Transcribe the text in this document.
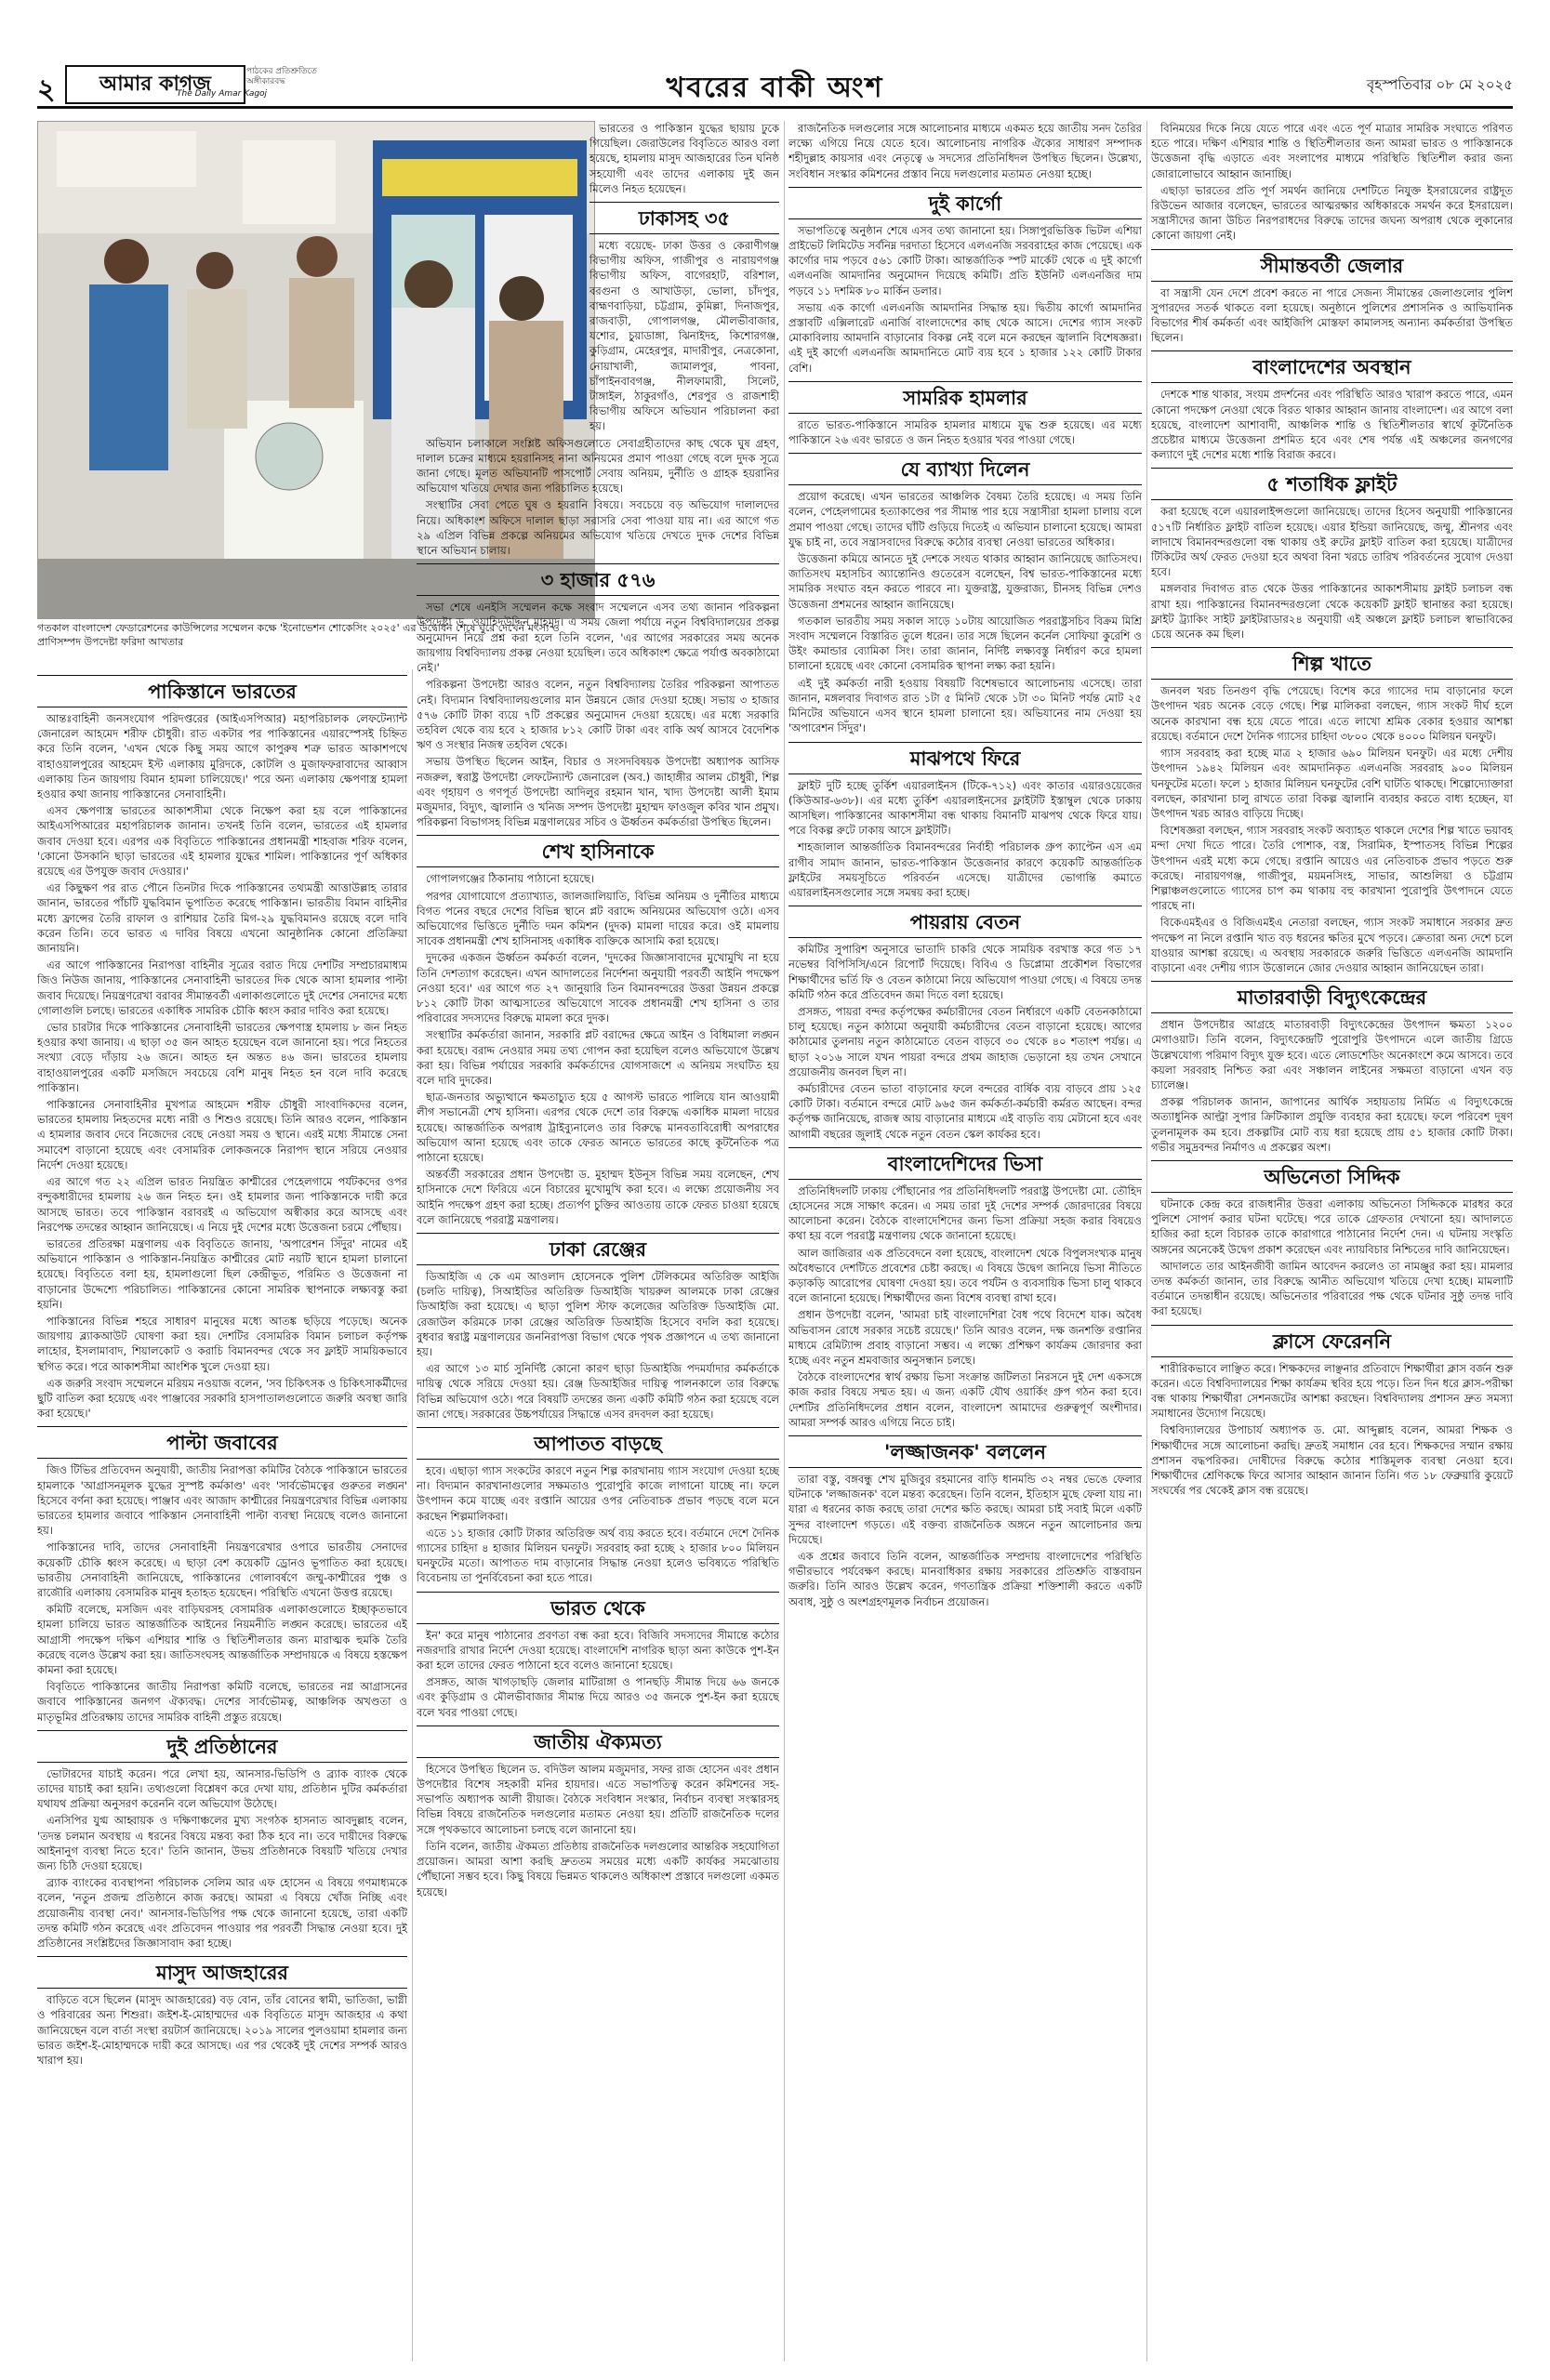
২ আমার কাগজ	পাঠকের প্রতিশ্রুতিতে অঙ্গীকারবদ্ধ
The Daily Amar Kagoj	খবরের বাকী অংশ	বৃহস্পতিবার ০৮ মে ২০২৫
গতকাল বাংলাদেশ ফেডারেশনের কাউন্সিলের সম্মেলন কক্ষে 'ইনোভেশন শোকেসিং ২০২৫' এর উদ্বোধন শেষে ঘুরে দেখেন মৎস্য ও প্রাণিসম্পদ উপদেষ্টা ফরিদা আখতার
পাকিস্তানে ভারতের

আন্তঃবাহিনী জনসংযোগ পরিদপ্তরের (আইএসপিআর) মহাপরিচালক লেফটেন্যান্ট জেনারেল আহমেদ শরীফ চৌধুরী। রাত একটার পর পাকিস্তানের এয়ারস্পেসই চিহ্নিত করে তিনি বলেন, 'এখন থেকে কিছু সময় আগে কাপুরুষ শত্রু ভারত আকাশপথে বাহাওয়ালপুরের আহমেদ ইস্ট এলাকায় মুরিদকে, কোটলি ও মুজাফফরাবাদের আব্বাস এলাকায় তিন জায়গায় বিমান হামলা চালিয়েছে।' পরে অন্য এলাকায় ক্ষেপণাস্ত্র হামলা হওয়ার কথা জানায় পাকিস্তানের সেনাবাহিনী।

এসব ক্ষেপণাস্ত্র ভারতের আকাশসীমা থেকে নিক্ষেপ করা হয় বলে পাকিস্তানের আইএসপিআরের মহাপরিচালক জানান। তখনই তিনি বলেন, ভারতের এই হামলার জবাব দেওয়া হবে। এরপর এক বিবৃতিতে পাকিস্তানের প্রধানমন্ত্রী শাহবাজ শরিফ বলেন, 'কোনো উসকানি ছাড়া ভারতের এই হামলার যুদ্ধের শামিল। পাকিস্তানের পূর্ণ অধিকার রয়েছে এর উপযুক্ত জবাব দেওয়ার।'

এর কিছুক্ষণ পর রাত পৌনে তিনটার দিকে পাকিস্তানের তথ্যমন্ত্রী আত্তাউল্লাহ তারার জানান, ভারতের পাঁচটি যুদ্ধবিমান ভূপাতিত করেছে পাকিস্তান। ভারতীয় বিমান বাহিনীর মধ্যে ফ্রান্সের তৈরি রাফাল ও রাশিয়ার তৈরি মিগ-২৯ যুদ্ধবিমানও রয়েছে বলে দাবি করেন তিনি। তবে ভারত এ দাবির বিষয়ে এখনো আনুষ্ঠানিক কোনো প্রতিক্রিয়া জানায়নি।

এর আগে পাকিস্তানের নিরাপত্তা বাহিনীর সূত্রের বরাত দিয়ে দেশটির সম্প্রচারমাধ্যম জিও নিউজ জানায়, পাকিস্তানের সেনাবাহিনী ভারতের দিক থেকে আসা হামলার পাল্টা জবাব দিয়েছে। নিয়ন্ত্রণরেখা বরাবর সীমান্তবর্তী এলাকাগুলোতে দুই দেশের সেনাদের মধ্যে গোলাগুলি চলছে। ভারতের একাধিক সামরিক চৌকি ধ্বংস করার দাবিও করা হয়েছে।

ভোর চারটার দিকে পাকিস্তানের সেনাবাহিনী ভারতের ক্ষেপণাস্ত্র হামলায় ৮ জন নিহত হওয়ার কথা জানায়। এ ছাড়া ৩৫ জন আহত হয়েছেন বলে জানানো হয়। পরে নিহতের সংখ্যা বেড়ে দাঁড়ায় ২৬ জনে। আহত হন অন্তত ৪৬ জন। ভারতের হামলায় বাহাওয়ালপুরের একটি মসজিদে সবচেয়ে বেশি মানুষ নিহত হন বলে দাবি করেছে পাকিস্তান।

পাকিস্তানের সেনাবাহিনীর মুখপাত্র আহমেদ শরীফ চৌধুরী সাংবাদিকদের বলেন, ভারতের হামলায় নিহতদের মধ্যে নারী ও শিশুও রয়েছে। তিনি আরও বলেন, পাকিস্তান এ হামলার জবাব দেবে নিজেদের বেছে নেওয়া সময় ও স্থানে। এরই মধ্যে সীমান্তে সেনা সমাবেশ বাড়ানো হয়েছে এবং বেসামরিক লোকজনকে নিরাপদ স্থানে সরিয়ে নেওয়ার নির্দেশ দেওয়া হয়েছে।

এর আগে গত ২২ এপ্রিল ভারত নিয়ন্ত্রিত কাশ্মীরের পেহেলগামে পর্যটকদের ওপর বন্দুকধারীদের হামলায় ২৬ জন নিহত হন। ওই হামলার জন্য পাকিস্তানকে দায়ী করে আসছে ভারত। তবে পাকিস্তান বরাবরই এ অভিযোগ অস্বীকার করে আসছে এবং নিরপেক্ষ তদন্তের আহ্বান জানিয়েছে। এ নিয়ে দুই দেশের মধ্যে উত্তেজনা চরমে পৌঁছায়।

ভারতের প্রতিরক্ষা মন্ত্রণালয় এক বিবৃতিতে জানায়, 'অপারেশন সিঁদুর' নামের এই অভিযানে পাকিস্তান ও পাকিস্তান-নিয়ন্ত্রিত কাশ্মীরের মোট নয়টি স্থানে হামলা চালানো হয়েছে। বিবৃতিতে বলা হয়, হামলাগুলো ছিল কেন্দ্রীভূত, পরিমিত ও উত্তেজনা না বাড়ানোর উদ্দেশ্যে পরিচালিত। পাকিস্তানের কোনো সামরিক স্থাপনাকে লক্ষ্যবস্তু করা হয়নি।

পাকিস্তানের বিভিন্ন শহরে সাধারণ মানুষের মধ্যে আতঙ্ক ছড়িয়ে পড়েছে। অনেক জায়গায় ব্ল্যাকআউট ঘোষণা করা হয়। দেশটির বেসামরিক বিমান চলাচল কর্তৃপক্ষ লাহোর, ইসলামাবাদ, শিয়ালকোট ও করাচি বিমানবন্দর থেকে সব ফ্লাইট সাময়িকভাবে স্থগিত করে। পরে আকাশসীমা আংশিক খুলে দেওয়া হয়।

এক জরুরি সংবাদ সম্মেলনে মরিয়ম নওয়াজ বলেন, 'সব চিকিৎসক ও চিকিৎসাকর্মীদের ছুটি বাতিল করা হয়েছে এবং পাঞ্জাবের সরকারি হাসপাতালগুলোতে জরুরি অবস্থা জারি করা হয়েছে।'

পাল্টা জবাবের

জিও টিভির প্রতিবেদন অনুযায়ী, জাতীয় নিরাপত্তা কমিটির বৈঠকে পাকিস্তানে ভারতের হামলাকে 'আগ্রাসনমূলক যুদ্ধের সুস্পষ্ট কর্মকাণ্ড' এবং 'সার্বভৌমত্বের গুরুতর লঙ্ঘন' হিসেবে বর্ণনা করা হয়েছে। পাঞ্জাব এবং আজাদ কাশ্মীরের নিয়ন্ত্রণরেখার বিভিন্ন এলাকায় ভারতের হামলার জবাবে পাকিস্তান সেনাবাহিনী পাল্টা ব্যবস্থা নিয়েছে বলেও জানানো হয়।

পাকিস্তানের দাবি, তাদের সেনাবাহিনী নিয়ন্ত্রণরেখার ওপারে ভারতীয় সেনাদের কয়েকটি চৌকি ধ্বংস করেছে। এ ছাড়া বেশ কয়েকটি ড্রোনও ভূপাতিত করা হয়েছে। ভারতীয় সেনাবাহিনী জানিয়েছে, পাকিস্তানের গোলাবর্ষণে জম্মু-কাশ্মীরের পুঞ্চ ও রাজৌরি এলাকায় বেসামরিক মানুষ হতাহত হয়েছেন। পরিস্থিতি এখনো উত্তপ্ত রয়েছে।

কমিটি বলেছে, মসজিদ এবং বাড়িঘরসহ বেসামরিক এলাকাগুলোতে ইচ্ছাকৃতভাবে হামলা চালিয়ে ভারত আন্তর্জাতিক আইনের নিয়মনীতি লঙ্ঘন করেছে। ভারতের এই আগ্রাসী পদক্ষেপ দক্ষিণ এশিয়ার শান্তি ও স্থিতিশীলতার জন্য মারাত্মক হুমকি তৈরি করেছে বলেও উল্লেখ করা হয়। জাতিসংঘসহ আন্তর্জাতিক সম্প্রদায়কে এ বিষয়ে হস্তক্ষেপ কামনা করা হয়েছে।

বিবৃতিতে পাকিস্তানের জাতীয় নিরাপত্তা কমিটি বলেছে, ভারতের নগ্ন আগ্রাসনের জবাবে পাকিস্তানের জনগণ ঐক্যবদ্ধ। দেশের সার্বভৌমত্ব, আঞ্চলিক অখণ্ডতা ও মাতৃভূমির প্রতিরক্ষায় তাদের সামরিক বাহিনী প্রস্তুত রয়েছে।

দুই প্রতিষ্ঠানের

ভোটারদের যাচাই করেন। পরে লেখা হয়, আনসার-ভিডিপি ও ব্র্যাক ব্যাংক থেকে তাদের যাচাই করা হয়নি। তথ্যগুলো বিশ্লেষণ করে দেখা যায়, প্রতিষ্ঠান দুটির কর্মকর্তারা যথাযথ প্রক্রিয়া অনুসরণ করেননি বলে অভিযোগ উঠেছে।

এনসিপির যুগ্ম আহ্বায়ক ও দক্ষিণাঞ্চলের মুখ্য সংগঠক হাসনাত আবদুল্লাহ বলেন, 'তদন্ত চলমান অবস্থায় এ ধরনের বিষয়ে মন্তব্য করা ঠিক হবে না। তবে দায়ীদের বিরুদ্ধে আইনানুগ ব্যবস্থা নিতে হবে।' তিনি জানান, উভয় প্রতিষ্ঠানকে বিষয়টি খতিয়ে দেখার জন্য চিঠি দেওয়া হয়েছে।

ব্র্যাক ব্যাংকের ব্যবস্থাপনা পরিচালক সেলিম আর এফ হোসেন এ বিষয়ে গণমাধ্যমকে বলেন, 'নতুন প্রজন্ম প্রতিষ্ঠানে কাজ করছে। আমরা এ বিষয়ে খোঁজ নিচ্ছি এবং প্রয়োজনীয় ব্যবস্থা নেব।' আনসার-ভিডিপির পক্ষ থেকে জানানো হয়েছে, তারা একটি তদন্ত কমিটি গঠন করেছে এবং প্রতিবেদন পাওয়ার পর পরবর্তী সিদ্ধান্ত নেওয়া হবে। দুই প্রতিষ্ঠানের সংশ্লিষ্টদের জিজ্ঞাসাবাদ করা হচ্ছে।

মাসুদ আজহারের

বাড়িতে বসে ছিলেন (মাসুদ আজহারের) বড় বোন, তাঁর বোনের স্বামী, ভাতিজা, ভাগ্নী ও পরিবারের অন্য শিশুরা। জইশ-ই-মোহাম্মদের এক বিবৃতিতে মাসুদ আজহার এ কথা জানিয়েছেন বলে বার্তা সংস্থা রয়টার্স জানিয়েছে। ২০১৯ সালের পুলওয়ামা হামলার জন্য ভারত জইশ-ই-মোহাম্মদকে দায়ী করে আসছে। এর পর থেকেই দুই দেশের সম্পর্ক আরও খারাপ হয়।

ভারতের ও পাকিস্তান যুদ্ধের ছায়ায় ঢুকে গিয়েছিল। জেরাউলের বিবৃতিতে আরও বলা হয়েছে, হামলায় মাসুদ আজহারের তিন ঘনিষ্ঠ সহযোগী এবং তাদের এলাকায় দুই জন মিলেও নিহত হয়েছেন।

ঢাকাসহ ৩৫

মধ্যে বয়েছে- ঢাকা উত্তর ও কেরাণীগঞ্জ বিভাগীয় অফিস, গাজীপুর ও নারায়ণগঞ্জ বিভাগীয় অফিস, বাগেরহাট, বরিশাল, বরগুনা ও আখাউড়া, ভোলা, চাঁদপুর, বাহ্মণবাড়িয়া, চট্টগ্রাম, কুমিল্লা, দিনাজপুর, রাজবাড়ী, গোপালগঞ্জ, মৌলভীবাজার, যশোর, চুয়াডাঙ্গা, ঝিনাইদহ, কিশোরগঞ্জ, কুড়িগ্রাম, মেহেরপুর, মাদারীপুর, নেত্রকোনা, নোয়াখালী, জামালপুর, পাবনা, চাঁপাইনবাবগঞ্জ, নীলফামারী, সিলেট, টাঙ্গাইল, ঠাকুরগাঁও, শেরপুর ও রাজশাহী বিভাগীয় অফিসে অভিযান পরিচালনা করা হয়।

অভিযান চলাকালে সংশ্লিষ্ট অফিসগুলোতে সেবাগ্রহীতাদের কাছ থেকে ঘুষ গ্রহণ, দালাল চক্রের মাধ্যমে হয়রানিসহ নানা অনিয়মের প্রমাণ পাওয়া গেছে বলে দুদক সূত্রে জানা গেছে। মূলত অভিযানটি পাসপোর্ট সেবায় অনিয়ম, দুর্নীতি ও গ্রাহক হয়রানির অভিযোগ খতিয়ে দেখার জন্য পরিচালিত হয়েছে।

সংস্থাটির সেবা পেতে ঘুষ ও হয়রানি বিষয়ে। সবচেয়ে বড় অভিযোগ দালালদের নিয়ে। অধিকাংশ অফিসে দালাল ছাড়া সরাসরি সেবা পাওয়া যায় না। এর আগে গত ২৯ এপ্রিল বিভিন্ন প্রকল্পে অনিয়মের অভিযোগ খতিয়ে দেখতে দুদক দেশের বিভিন্ন স্থানে অভিযান চালায়।

৩ হাজার ৫৭৬

সভা শেষে এনইসি সম্মেলন কক্ষে সংবাদ সম্মেলনে এসব তথ্য জানান পরিকল্পনা উপদেষ্টা ড. ওয়াহিদউদ্দিন মাহমুদ। এ সময় জেলা পর্যায়ে নতুন বিশ্ববিদ্যালয়ের প্রকল্প অনুমোদন নিয়ে প্রশ্ন করা হলে তিনি বলেন, 'এর আগের সরকারের সময় অনেক জায়গায় বিশ্ববিদ্যালয় প্রকল্প নেওয়া হয়েছিল। তবে অধিকাংশ ক্ষেত্রে পর্যাপ্ত অবকাঠামো নেই।'

পরিকল্পনা উপদেষ্টা আরও বলেন, নতুন বিশ্ববিদ্যালয় তৈরির পরিকল্পনা আপাতত নেই। বিদ্যমান বিশ্ববিদ্যালয়গুলোর মান উন্নয়নে জোর দেওয়া হচ্ছে। সভায় ৩ হাজার ৫৭৬ কোটি টাকা ব্যয়ে ৭টি প্রকল্পের অনুমোদন দেওয়া হয়েছে। এর মধ্যে সরকারি তহবিল থেকে ব্যয় হবে ২ হাজার ৮১২ কোটি টাকা এবং বাকি অর্থ আসবে বৈদেশিক ঋণ ও সংস্থার নিজস্ব তহবিল থেকে।

সভায় উপস্থিত ছিলেন আইন, বিচার ও সংসদবিষয়ক উপদেষ্টা অধ্যাপক আসিফ নজরুল, স্বরাষ্ট্র উপদেষ্টা লেফটেন্যান্ট জেনারেল (অব.) জাহাঙ্গীর আলম চৌধুরী, শিল্প এবং গৃহায়ণ ও গণপূর্ত উপদেষ্টা আদিলুর রহমান খান, খাদ্য উপদেষ্টা আলী ইমাম মজুমদার, বিদ্যুৎ, জ্বালানি ও খনিজ সম্পদ উপদেষ্টা মুহাম্মদ ফাওজুল কবির খান প্রমুখ। পরিকল্পনা বিভাগসহ বিভিন্ন মন্ত্রণালয়ের সচিব ও ঊর্ধ্বতন কর্মকর্তারা উপস্থিত ছিলেন।

শেখ হাসিনাকে

গোপালগঞ্জের ঠিকানায় পাঠানো হয়েছে।

পরপর যোগাযোগে প্রত্যাখ্যাত, জালজালিয়াতি, বিভিন্ন অনিয়ম ও দুর্নীতির মাধ্যমে বিগত পনের বছরে দেশের বিভিন্ন স্থানে প্লট বরাদ্দে অনিয়মের অভিযোগ ওঠে। এসব অভিযোগের ভিত্তিতে দুর্নীতি দমন কমিশন (দুদক) মামলা দায়ের করে। ওই মামলায় সাবেক প্রধানমন্ত্রী শেখ হাসিনাসহ একাধিক ব্যক্তিকে আসামি করা হয়েছে।

দুদকের একজন ঊর্ধ্বতন কর্মকর্তা বলেন, 'দুদকের জিজ্ঞাসাবাদের মুখোমুখি না হয়ে তিনি দেশত্যাগ করেছেন। এখন আদালতের নির্দেশনা অনুযায়ী পরবর্তী আইনি পদক্ষেপ নেওয়া হবে।' এর আগে গত ২৭ জানুয়ারি তিন বিমানবন্দরের উত্তরা উন্নয়ন প্রকল্পে ৮১২ কোটি টাকা আত্মসাতের অভিযোগে সাবেক প্রধানমন্ত্রী শেখ হাসিনা ও তার পরিবারের সদস্যদের বিরুদ্ধে মামলা করে দুদক।

সংস্থাটির কর্মকর্তারা জানান, সরকারি প্লট বরাদ্দের ক্ষেত্রে আইন ও বিধিমালা লঙ্ঘন করা হয়েছে। বরাদ্দ নেওয়ার সময় তথ্য গোপন করা হয়েছিল বলেও অভিযোগে উল্লেখ করা হয়। বিভিন্ন পর্যায়ের সরকারি কর্মকর্তাদের যোগসাজশে এ অনিয়ম সংঘটিত হয় বলে দাবি দুদকের।

ছাত্র-জনতার অভ্যুত্থানে ক্ষমতাচ্যুত হয়ে ৫ আগস্ট ভারতে পালিয়ে যান আওয়ামী লীগ সভানেত্রী শেখ হাসিনা। এরপর থেকে দেশে তার বিরুদ্ধে একাধিক মামলা দায়ের হয়েছে। আন্তর্জাতিক অপরাধ ট্রাইব্যুনালেও তার বিরুদ্ধে মানবতাবিরোধী অপরাধের অভিযোগ আনা হয়েছে এবং তাকে ফেরত আনতে ভারতের কাছে কূটনৈতিক পত্র পাঠানো হয়েছে।

অন্তর্বর্তী সরকারের প্রধান উপদেষ্টা ড. মুহাম্মদ ইউনূস বিভিন্ন সময় বলেছেন, শেখ হাসিনাকে দেশে ফিরিয়ে এনে বিচারের মুখোমুখি করা হবে। এ লক্ষ্যে প্রয়োজনীয় সব আইনি পদক্ষেপ গ্রহণ করা হচ্ছে। প্রত্যর্পণ চুক্তির আওতায় তাকে ফেরত চাওয়া হয়েছে বলে জানিয়েছে পররাষ্ট্র মন্ত্রণালয়।

ঢাকা রেঞ্জের

ডিআইজি এ কে এম আওলাদ হোসেনকে পুলিশ টেলিকমের অতিরিক্ত আইজি (চলতি দায়িত্ব), সিআইডির অতিরিক্ত ডিআইজি খায়রুল আলমকে ঢাকা রেঞ্জের ডিআইজি করা হয়েছে। এ ছাড়া পুলিশ স্টাফ কলেজের অতিরিক্ত ডিআইজি মো. রেজাউল করিমকে ঢাকা রেঞ্জের অতিরিক্ত ডিআইজি হিসেবে বদলি করা হয়েছে। বুধবার স্বরাষ্ট্র মন্ত্রণালয়ের জননিরাপত্তা বিভাগ থেকে পৃথক প্রজ্ঞাপনে এ তথ্য জানানো হয়।

এর আগে ১৩ মার্চ সুনির্দিষ্ট কোনো কারণ ছাড়া ডিআইজি পদমর্যাদার কর্মকর্তাকে দায়িত্ব থেকে সরিয়ে দেওয়া হয়। রেঞ্জ ডিআইজির দায়িত্ব পালনকালে তার বিরুদ্ধে বিভিন্ন অভিযোগ ওঠে। পরে বিষয়টি তদন্তের জন্য একটি কমিটি গঠন করা হয়েছে বলে জানা গেছে। সরকারের উচ্চপর্যায়ের সিদ্ধান্তে এসব রদবদল করা হয়েছে।

আপাতত বাড়ছে

হবে। এছাড়া গ্যাস সংকটের কারণে নতুন শিল্প কারখানায় গ্যাস সংযোগ দেওয়া হচ্ছে না। বিদ্যমান কারখানাগুলোর সক্ষমতাও পুরোপুরি কাজে লাগানো যাচ্ছে না। ফলে উৎপাদন কমে যাচ্ছে এবং রপ্তানি আয়ের ওপর নেতিবাচক প্রভাব পড়ছে বলে মনে করছেন শিল্পমালিকরা।

এতে ১১ হাজার কোটি টাকার অতিরিক্ত অর্থ ব্যয় করতে হবে। বর্তমানে দেশে দৈনিক গ্যাসের চাহিদা ৪ হাজার মিলিয়ন ঘনফুট। সরবরাহ করা হচ্ছে ২ হাজার ৮০০ মিলিয়ন ঘনফুটের মতো। আপাতত দাম বাড়ানোর সিদ্ধান্ত নেওয়া হলেও ভবিষ্যতে পরিস্থিতি বিবেচনায় তা পুনর্বিবেচনা করা হতে পারে।

ভারত থেকে

ইন' করে মানুষ পাঠানোর প্রবণতা বন্ধ করা হবে। বিজিবি সদস্যদের সীমান্তে কঠোর নজরদারি রাখার নির্দেশ দেওয়া হয়েছে। বাংলাদেশি নাগরিক ছাড়া অন্য কাউকে পুশ-ইন করা হলে তাদের ফেরত পাঠানো হবে বলেও জানানো হয়েছে।

প্রসঙ্গত, আজ খাগড়াছড়ি জেলার মাটিরাঙ্গা ও পানছড়ি সীমান্ত দিয়ে ৬৬ জনকে এবং কুড়িগ্রাম ও মৌলভীবাজার সীমান্ত দিয়ে আরও ৩৫ জনকে পুশ-ইন করা হয়েছে বলে খবর পাওয়া গেছে।

জাতীয় ঐক্যমত্য

হিসেবে উপস্থিত ছিলেন ড. বদিউল আলম মজুমদার, সফর রাজ হোসেন এবং প্রধান উপদেষ্টার বিশেষ সহকারী মনির হায়দার। এতে সভাপতিত্ব করেন কমিশনের সহ-সভাপতি অধ্যাপক আলী রীয়াজ। বৈঠকে সংবিধান সংস্কার, নির্বাচন ব্যবস্থা সংস্কারসহ বিভিন্ন বিষয়ে রাজনৈতিক দলগুলোর মতামত নেওয়া হয়। প্রতিটি রাজনৈতিক দলের সঙ্গে পৃথকভাবে আলোচনা চলছে বলে জানানো হয়।

তিনি বলেন, জাতীয় ঐকমত্য প্রতিষ্ঠায় রাজনৈতিক দলগুলোর আন্তরিক সহযোগিতা প্রয়োজন। আমরা আশা করছি দ্রুততম সময়ের মধ্যে একটি কার্যকর সমঝোতায় পৌঁছানো সম্ভব হবে। কিছু বিষয়ে ভিন্নমত থাকলেও অধিকাংশ প্রস্তাবে দলগুলো একমত হয়েছে।

রাজনৈতিক দলগুলোর সঙ্গে আলোচনার মাধ্যমে একমত হয়ে জাতীয় সনদ তৈরির লক্ষ্যে এগিয়ে নিয়ে যেতে হবে। আলোচনায় নাগরিক ঐক্যের সাধারণ সম্পাদক শহীদুল্লাহ কায়সার এবং নেতৃত্বে ৬ সদস্যের প্রতিনিধিদল উপস্থিত ছিলেন। উল্লেখ্য, সংবিধান সংস্কার কমিশনের প্রস্তাব নিয়ে দলগুলোর মতামত নেওয়া হচ্ছে।

দুই কার্গো

সভাপতিত্বে অনুষ্ঠান শেষে এসব তথ্য জানানো হয়। সিঙ্গাপুরভিত্তিক ভিটল এশিয়া প্রাইভেট লিমিটেড সর্বনিম্ন দরদাতা হিসেবে এলএনজি সরবরাহের কাজ পেয়েছে। এক কার্গোর দাম পড়বে ৫৬১ কোটি টাকা। আন্তর্জাতিক স্পট মার্কেট থেকে এ দুই কার্গো এলএনজি আমদানির অনুমোদন দিয়েছে কমিটি। প্রতি ইউনিট এলএনজির দাম পড়বে ১১ দশমিক ৮০ মার্কিন ডলার।

সভায় এক কার্গো এলএনজি আমদানির সিদ্ধান্ত হয়। দ্বিতীয় কার্গো আমদানির প্রস্তাবটি এক্সিলারেট এনার্জি বাংলাদেশের কাছ থেকে আসে। দেশের গ্যাস সংকট মোকাবিলায় আমদানি বাড়ানোর বিকল্প নেই বলে মনে করছেন জ্বালানি বিশেষজ্ঞরা। এই দুই কার্গো এলএনজি আমদানিতে মোট ব্যয় হবে ১ হাজার ১২২ কোটি টাকার বেশি।

সামরিক হামলার

রাতে ভারত-পাকিস্তানে সামরিক হামলার মাধ্যমে যুদ্ধ শুরু হয়েছে। এর মধ্যে পাকিস্তানে ২৬ এবং ভারতে ও জন নিহত হওয়ার খবর পাওয়া গেছে।

যে ব্যাখ্যা দিলেন

প্রয়োগ করেছে। এখন ভারতের আঞ্চলিক বৈষম্য তৈরি হয়েছে। এ সময় তিনি বলেন, পেহেলগামের হত্যাকাণ্ডের পর সীমান্ত পার হয়ে সন্ত্রাসীরা হামলা চালায় বলে প্রমাণ পাওয়া গেছে। তাদের ঘাঁটি গুড়িয়ে দিতেই এ অভিযান চালানো হয়েছে। আমরা যুদ্ধ চাই না, তবে সন্ত্রাসবাদের বিরুদ্ধে কঠোর ব্যবস্থা নেওয়া ভারতের অধিকার।

উত্তেজনা কমিয়ে আনতে দুই দেশকে সংযত থাকার আহ্বান জানিয়েছে জাতিসংঘ। জাতিসংঘ মহাসচিব অ্যান্তোনিও গুতেরেস বলেছেন, বিশ্ব ভারত-পাকিস্তানের মধ্যে সামরিক সংঘাত বহন করতে পারবে না। যুক্তরাষ্ট্র, যুক্তরাজ্য, চীনসহ বিভিন্ন দেশও উত্তেজনা প্রশমনের আহ্বান জানিয়েছে।

গতকাল ভারতীয় সময় সকাল সাড়ে ১০টায় আয়োজিত পররাষ্ট্রসচিব বিক্রম মিশ্রি সংবাদ সম্মেলনে বিস্তারিত তুলে ধরেন। তার সঙ্গে ছিলেন কর্নেল সোফিয়া কুরেশি ও উইং কমান্ডার ব্যোমিকা সিং। তারা জানান, নির্দিষ্ট লক্ষ্যবস্তু নির্ধারণ করে হামলা চালানো হয়েছে এবং কোনো বেসামরিক স্থাপনা লক্ষ্য করা হয়নি।

এই দুই কর্মকর্তা নারী হওয়ায় বিষয়টি বিশেষভাবে আলোচনায় এসেছে। তারা জানান, মঙ্গলবার দিবাগত রাত ১টা ৫ মিনিট থেকে ১টা ৩০ মিনিট পর্যন্ত মোট ২৫ মিনিটের অভিযানে এসব স্থানে হামলা চালানো হয়। অভিযানের নাম দেওয়া হয় 'অপারেশন সিঁদুর'।

মাঝপথে ফিরে

ফ্লাইট দুটি হচ্ছে তুর্কিশ এয়ারলাইনস (টিকে-৭১২) এবং কাতার এয়ারওয়েজের (কিউআর-৬৩৮)। এর মধ্যে তুর্কিশ এয়ারলাইনসের ফ্লাইটটি ইস্তাম্বুল থেকে ঢাকায় আসছিল। পাকিস্তানের আকাশসীমা বন্ধ থাকায় বিমানটি মাঝপথ থেকে ফিরে যায়। পরে বিকল্প রুটে ঢাকায় আসে ফ্লাইটটি।

শাহজালাল আন্তর্জাতিক বিমানবন্দরের নির্বাহী পরিচালক গ্রুপ ক্যাপ্টেন এস এম রাগীব সামাদ জানান, ভারত-পাকিস্তান উত্তেজনার কারণে কয়েকটি আন্তর্জাতিক ফ্লাইটের সময়সূচিতে পরিবর্তন এসেছে। যাত্রীদের ভোগান্তি কমাতে এয়ারলাইনসগুলোর সঙ্গে সমন্বয় করা হচ্ছে।

পায়রায় বেতন

কমিটির সুপারিশ অনুসারে ভাতাদি চাকরি থেকে সাময়িক বরখাস্ত করে গত ১৭ নভেম্বর বিপিসিসি/এনে রিপোর্ট দিয়েছে। বিবিএ ও ডিপ্লোমা প্রকৌশল বিভাগের শিক্ষার্থীদের ভর্তি ফি ও বেতন কাঠামো নিয়ে অভিযোগ পাওয়া গেছে। এ বিষয়ে তদন্ত কমিটি গঠন করে প্রতিবেদন জমা দিতে বলা হয়েছে।

প্রসঙ্গত, পায়রা বন্দর কর্তৃপক্ষের কর্মচারীদের বেতন নির্ধারণে একটি বেতনকাঠামো চালু হয়েছে। নতুন কাঠামো অনুযায়ী কর্মচারীদের বেতন বাড়ানো হয়েছে। আগের কাঠামোর তুলনায় নতুন কাঠামোতে বেতন বাড়বে ৩০ থেকে ৪০ শতাংশ পর্যন্ত। এ ছাড়া ২০১৬ সালে যখন পায়রা বন্দরে প্রথম জাহাজ ভেড়ানো হয় তখন সেখানে প্রয়োজনীয় জনবল ছিল না।

কর্মচারীদের বেতন ভাতা বাড়ানোর ফলে বন্দরের বার্ষিক ব্যয় বাড়বে প্রায় ১২৫ কোটি টাকা। বর্তমানে বন্দরে মোট ৯৬৫ জন কর্মকর্তা-কর্মচারী কর্মরত আছেন। বন্দর কর্তৃপক্ষ জানিয়েছে, রাজস্ব আয় বাড়ানোর মাধ্যমে এই বাড়তি ব্যয় মেটানো হবে এবং আগামী বছরের জুলাই থেকে নতুন বেতন স্কেল কার্যকর হবে।

বাংলাদেশিদের ভিসা

প্রতিনিধিদলটি ঢাকায় পৌঁছানোর পর প্রতিনিধিদলটি পররাষ্ট্র উপদেষ্টা মো. তৌহিদ হোসেনের সঙ্গে সাক্ষাৎ করেন। এ সময় তারা দুই দেশের সম্পর্ক জোরদারের বিষয়ে আলোচনা করেন। বৈঠকে বাংলাদেশিদের জন্য ভিসা প্রক্রিয়া সহজ করার বিষয়েও কথা হয় বলে পররাষ্ট্র মন্ত্রণালয় থেকে জানানো হয়েছে।

আল জাজিরার এক প্রতিবেদনে বলা হয়েছে, বাংলাদেশ থেকে বিপুলসংখ্যক মানুষ অবৈধভাবে দেশটিতে প্রবেশের চেষ্টা করছে। এ বিষয়ে উদ্বেগ জানিয়ে ভিসা নীতিতে কড়াকড়ি আরোপের ঘোষণা দেওয়া হয়। তবে পর্যটন ও ব্যবসায়িক ভিসা চালু থাকবে বলে জানানো হয়েছে। শিক্ষার্থীদের জন্য বিশেষ ব্যবস্থা রাখা হবে।

প্রধান উপদেষ্টা বলেন, 'আমরা চাই বাংলাদেশিরা বৈধ পথে বিদেশে যাক। অবৈধ অভিবাসন রোধে সরকার সচেষ্ট রয়েছে।' তিনি আরও বলেন, দক্ষ জনশক্তি রপ্তানির মাধ্যমে রেমিট্যান্স প্রবাহ বাড়ানো সম্ভব। এ লক্ষ্যে প্রশিক্ষণ কার্যক্রম জোরদার করা হচ্ছে এবং নতুন শ্রমবাজার অনুসন্ধান চলছে।

বৈঠকে বাংলাদেশের স্বার্থ রক্ষায় ভিসা সংক্রান্ত জটিলতা নিরসনে দুই দেশ একসঙ্গে কাজ করার বিষয়ে সম্মত হয়। এ জন্য একটি যৌথ ওয়ার্কিং গ্রুপ গঠন করা হবে। দেশটির প্রতিনিধিদলের প্রধান বলেন, বাংলাদেশ আমাদের গুরুত্বপূর্ণ অংশীদার। আমরা সম্পর্ক আরও এগিয়ে নিতে চাই।

'লজ্জাজনক' বললেন

তারা বস্তু, বঙ্গবন্ধু শেখ মুজিবুর রহমানের বাড়ি ধানমন্ডি ৩২ নম্বর ভেঙে ফেলার ঘটনাকে 'লজ্জাজনক' বলে মন্তব্য করেছেন। তিনি বলেন, ইতিহাস মুছে ফেলা যায় না। যারা এ ধরনের কাজ করছে তারা দেশের ক্ষতি করছে। আমরা চাই সবাই মিলে একটি সুন্দর বাংলাদেশ গড়তে। এই বক্তব্য রাজনৈতিক অঙ্গনে নতুন আলোচনার জন্ম দিয়েছে।

এক প্রশ্নের জবাবে তিনি বলেন, আন্তর্জাতিক সম্প্রদায় বাংলাদেশের পরিস্থিতি গভীরভাবে পর্যবেক্ষণ করছে। মানবাধিকার রক্ষায় সরকারের প্রতিশ্রুতি বাস্তবায়ন জরুরি। তিনি আরও উল্লেখ করেন, গণতান্ত্রিক প্রক্রিয়া শক্তিশালী করতে একটি অবাধ, সুষ্ঠু ও অংশগ্রহণমূলক নির্বাচন প্রয়োজন।

বিনিময়ের দিকে নিয়ে যেতে পারে এবং এতে পূর্ণ মাত্রার সামরিক সংঘাতে পরিণত হতে পারে। দক্ষিণ এশিয়ার শান্তি ও স্থিতিশীলতার জন্য আমরা ভারত ও পাকিস্তানকে উত্তেজনা বৃদ্ধি এড়াতে এবং সংলাপের মাধ্যমে পরিস্থিতি স্থিতিশীল করার জন্য জোরালোভাবে আহ্বান জানাচ্ছি।

এছাড়া ভারতের প্রতি পূর্ণ সমর্থন জানিয়ে দেশটিতে নিযুক্ত ইসরায়েলের রাষ্ট্রদূত রিউভেন আজার বলেছেন, ভারতের আত্মরক্ষার অধিকারকে সমর্থন করে ইসরায়েল। সন্ত্রাসীদের জানা উচিত নিরপরাধদের বিরুদ্ধে তাদের জঘন্য অপরাধ থেকে লুকানোর কোনো জায়গা নেই।

সীমান্তবর্তী জেলার

বা সন্ত্রাসী যেন দেশে প্রবেশ করতে না পারে সেজন্য সীমান্তের জেলাগুলোর পুলিশ সুপারদের সতর্ক থাকতে বলা হয়েছে। অনুষ্ঠানে পুলিশের প্রশাসনিক ও আভিযানিক বিভাগের শীর্ষ কর্মকর্তা এবং আইজিপি মোস্তফা কামালসহ অন্যান্য কর্মকর্তারা উপস্থিত ছিলেন।

বাংলাদেশের অবস্থান

দেশকে শান্ত থাকার, সংযম প্রদর্শনের এবং পরিস্থিতি আরও খারাপ করতে পারে, এমন কোনো পদক্ষেপ নেওয়া থেকে বিরত থাকার আহ্বান জানায় বাংলাদেশ। এর আগে বলা হয়েছে, বাংলাদেশ আশাবাদী, আঞ্চলিক শান্তি ও স্থিতিশীলতার স্বার্থে কূটনৈতিক প্রচেষ্টার মাধ্যমে উত্তেজনা প্রশমিত হবে এবং শেষ পর্যন্ত এই অঞ্চলের জনগণের কল্যাণে দুই দেশের মধ্যে শান্তি বিরাজ করবে।

৫ শতাধিক ফ্লাইট

করা হয়েছে বলে এয়ারলাইন্সগুলো জানিয়েছে। তাদের হিসেব অনুযায়ী পাকিস্তানের ৫১৭টি নির্ধারিত ফ্লাইট বাতিল হয়েছে। এয়ার ইন্ডিয়া জানিয়েছে, জম্মু, শ্রীনগর এবং লাদাখে বিমানবন্দরগুলো বন্ধ থাকায় ওই রুটের ফ্লাইট বাতিল করা হয়েছে। যাত্রীদের টিকিটের অর্থ ফেরত দেওয়া হবে অথবা বিনা খরচে তারিখ পরিবর্তনের সুযোগ দেওয়া হবে।

মঙ্গলবার দিবাগত রাত থেকে উত্তর পাকিস্তানের আকাশসীমায় ফ্লাইট চলাচল বন্ধ রাখা হয়। পাকিস্তানের বিমানবন্দরগুলো থেকে কয়েকটি ফ্লাইট স্থানান্তর করা হয়েছে। ফ্লাইট ট্র্যাকিং সাইট ফ্লাইটরাডার২৪ অনুযায়ী এই অঞ্চলে ফ্লাইট চলাচল স্বাভাবিকের চেয়ে অনেক কম ছিল।

শিল্প খাতে

জনবল খরচ তিনগুণ বৃদ্ধি পেয়েছে। বিশেষ করে গ্যাসের দাম বাড়ানোর ফলে উৎপাদন খরচ অনেক বেড়ে গেছে। শিল্প মালিকরা বলছেন, গ্যাস সংকট দীর্ঘ হলে অনেক কারখানা বন্ধ হয়ে যেতে পারে। এতে লাখো শ্রমিক বেকার হওয়ার আশঙ্কা রয়েছে। বর্তমানে দেশে দৈনিক গ্যাসের চাহিদা ৩৮০০ থেকে ৪০০০ মিলিয়ন ঘনফুট।

গ্যাস সরবরাহ করা হচ্ছে মাত্র ২ হাজার ৬৯০ মিলিয়ন ঘনফুট। এর মধ্যে দেশীয় উৎপাদন ১৯৪২ মিলিয়ন এবং আমদানিকৃত এলএনজি সরবরাহ ৯০০ মিলিয়ন ঘনফুটের মতো। ফলে ১ হাজার মিলিয়ন ঘনফুটের বেশি ঘাটতি থাকছে। শিল্পোদ্যোক্তারা বলছেন, কারখানা চালু রাখতে তারা বিকল্প জ্বালানি ব্যবহার করতে বাধ্য হচ্ছেন, যা উৎপাদন খরচ আরও বাড়িয়ে দিচ্ছে।

বিশেষজ্ঞরা বলছেন, গ্যাস সরবরাহ সংকট অব্যাহত থাকলে দেশের শিল্প খাতে ভয়াবহ মন্দা দেখা দিতে পারে। তৈরি পোশাক, বস্ত্র, সিরামিক, ইস্পাতসহ বিভিন্ন শিল্পের উৎপাদন এরই মধ্যে কমে গেছে। রপ্তানি আয়েও এর নেতিবাচক প্রভাব পড়তে শুরু করেছে। নারায়ণগঞ্জ, গাজীপুর, ময়মনসিংহ, সাভার, আশুলিয়া ও চট্টগ্রাম শিল্পাঞ্চলগুলোতে গ্যাসের চাপ কম থাকায় বহু কারখানা পুরোপুরি উৎপাদনে যেতে পারছে না।

বিকেএমইএর ও বিজিএমইএ নেতারা বলছেন, গ্যাস সংকট সমাধানে সরকার দ্রুত পদক্ষেপ না নিলে রপ্তানি খাত বড় ধরনের ক্ষতির মুখে পড়বে। ক্রেতারা অন্য দেশে চলে যাওয়ার আশঙ্কা রয়েছে। এ অবস্থায় সরকারকে জরুরি ভিত্তিতে এলএনজি আমদানি বাড়ানো এবং দেশীয় গ্যাস উত্তোলনে জোর দেওয়ার আহ্বান জানিয়েছেন তারা।

মাতারবাড়ী বিদ্যুৎকেন্দ্রের

প্রধান উপদেষ্টার আগ্রহে মাতারবাড়ী বিদ্যুৎকেন্দ্রের উৎপাদন ক্ষমতা ১২০০ মেগাওয়াট। তিনি বলেন, বিদ্যুৎকেন্দ্রটি পুরোপুরি উৎপাদনে এলে জাতীয় গ্রিডে উল্লেখযোগ্য পরিমাণ বিদ্যুৎ যুক্ত হবে। এতে লোডশেডিং অনেকাংশে কমে আসবে। তবে কয়লা সরবরাহ নিশ্চিত করা এবং সঞ্চালন লাইনের সক্ষমতা বাড়ানো এখন বড় চ্যালেঞ্জ।

প্রকল্প পরিচালক জানান, জাপানের আর্থিক সহায়তায় নির্মিত এ বিদ্যুৎকেন্দ্রে অত্যাধুনিক আল্ট্রা সুপার ক্রিটিক্যাল প্রযুক্তি ব্যবহার করা হয়েছে। ফলে পরিবেশ দূষণ তুলনামূলক কম হবে। প্রকল্পটির মোট ব্যয় ধরা হয়েছে প্রায় ৫১ হাজার কোটি টাকা। গভীর সমুদ্রবন্দর নির্মাণও এ প্রকল্পের অংশ।

অভিনেতা সিদ্দিক

ঘটনাকে কেন্দ্র করে রাজধানীর উত্তরা এলাকায় অভিনেতা সিদ্দিককে মারধর করে পুলিশে সোপর্দ করার ঘটনা ঘটেছে। পরে তাকে গ্রেফতার দেখানো হয়। আদালতে হাজির করা হলে বিচারক তাকে কারাগারে পাঠানোর নির্দেশ দেন। এ ঘটনায় সংস্কৃতি অঙ্গনের অনেকেই উদ্বেগ প্রকাশ করেছেন এবং ন্যায়বিচার নিশ্চিতের দাবি জানিয়েছেন।

আদালতে তার আইনজীবী জামিন আবেদন করলেও তা নামঞ্জুর করা হয়। মামলার তদন্ত কর্মকর্তা জানান, তার বিরুদ্ধে আনীত অভিযোগ খতিয়ে দেখা হচ্ছে। মামলাটি বর্তমানে তদন্তাধীন রয়েছে। অভিনেতার পরিবারের পক্ষ থেকে ঘটনার সুষ্ঠু তদন্ত দাবি করা হয়েছে।

ক্লাসে ফেরেননি

শারীরিকভাবে লাঞ্ছিত করে। শিক্ষকদের লাঞ্ছনার প্রতিবাদে শিক্ষার্থীরা ক্লাস বর্জন শুরু করেন। এতে বিশ্ববিদ্যালয়ের শিক্ষা কার্যক্রম স্থবির হয়ে পড়ে। তিন দিন ধরে ক্লাস-পরীক্ষা বন্ধ থাকায় শিক্ষার্থীরা সেশনজটের আশঙ্কা করছেন। বিশ্ববিদ্যালয় প্রশাসন দ্রুত সমস্যা সমাধানের উদ্যোগ নিয়েছে।

বিশ্ববিদ্যালয়ের উপাচার্য অধ্যাপক ড. মো. আব্দুল্লাহ বলেন, আমরা শিক্ষক ও শিক্ষার্থীদের সঙ্গে আলোচনা করছি। দ্রুতই সমাধান বের হবে। শিক্ষকদের সম্মান রক্ষায় প্রশাসন বদ্ধপরিকর। দোষীদের বিরুদ্ধে কঠোর শাস্তিমূলক ব্যবস্থা নেওয়া হবে। শিক্ষার্থীদের শ্রেণিকক্ষে ফিরে আসার আহ্বান জানান তিনি। গত ১৮ ফেব্রুয়ারি কুয়েটে সংঘর্ষের পর থেকেই ক্লাস বন্ধ রয়েছে।
